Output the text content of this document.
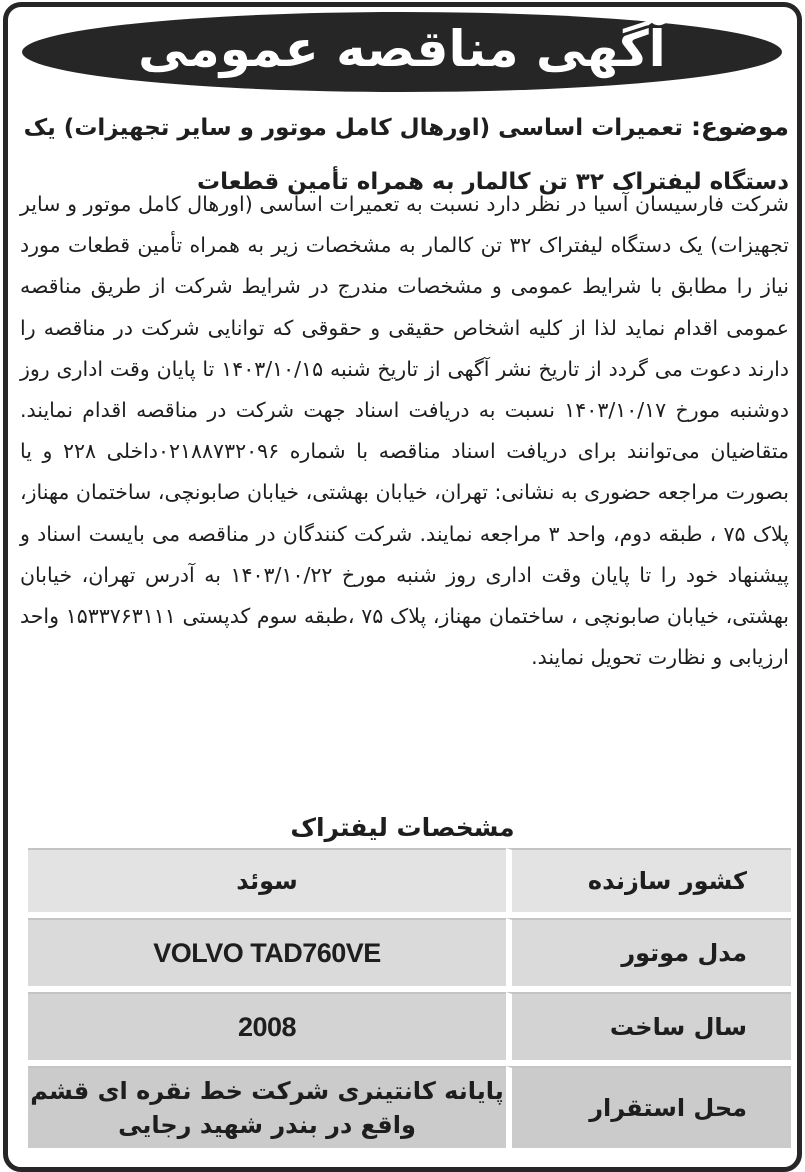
آگهی مناقصه عمومی
موضوع: تعمیرات اساسی (اورهال کامل موتور و سایر تجهیزات) یک دستگاه لیفتراک ۳۲ تن کالمار به همراه تأمین قطعات

شرکت فارسیسان آسیا در نظر دارد نسبت به تعمیرات اساسی (اورهال کامل موتور و سایر تجهیزات) یک دستگاه لیفتراک ۳۲ تن کالمار به مشخصات زیر به همراه تأمین قطعات مورد نیاز را مطابق با شرایط عمومی و مشخصات مندرج در شرایط شرکت از طریق مناقصه عمومی اقدام نماید لذا از کلیه اشخاص حقیقی و حقوقی که توانایی شرکت در مناقصه را دارند دعوت می گردد از تاریخ نشر آگهی از تاریخ شنبه ۱۴۰۳/۱۰/۱۵ تا پایان وقت اداری روز دوشنبه مورخ ۱۴۰۳/۱۰/۱۷ نسبت به دریافت اسناد جهت شرکت در مناقصه اقدام نمایند. متقاضیان می‌توانند برای دریافت اسناد مناقصه با شماره ۰۲۱۸۸۷۳۲۰۹۶داخلی ۲۲۸ و یا بصورت مراجعه حضوری به نشانی: تهران، خیابان بهشتی، خیابان صابونچی، ساختمان مهناز، پلاک ۷۵ ، طبقه دوم، واحد ۳ مراجعه نمایند. شرکت کنندگان در مناقصه می بایست اسناد و پیشنهاد خود را تا پایان وقت اداری روز شنبه مورخ ۱۴۰۳/۱۰/۲۲ به آدرس تهران، خیابان بهشتی، خیابان صابونچی ، ساختمان مهناز، پلاک ۷۵ ،طبقه سوم کدپستی ۱۵۳۳۷۶۳۱۱۱ واحد ارزیابی و نظارت تحویل نمایند.

مشخصات لیفتراک
کشور سازنده	سوئد
مدل موتور	VOLVO TAD760VE
سال ساخت	2008
محل استقرار	پایانه کانتینری شرکت خط نقره ای قشم
واقع در بندر شهید رجایی
